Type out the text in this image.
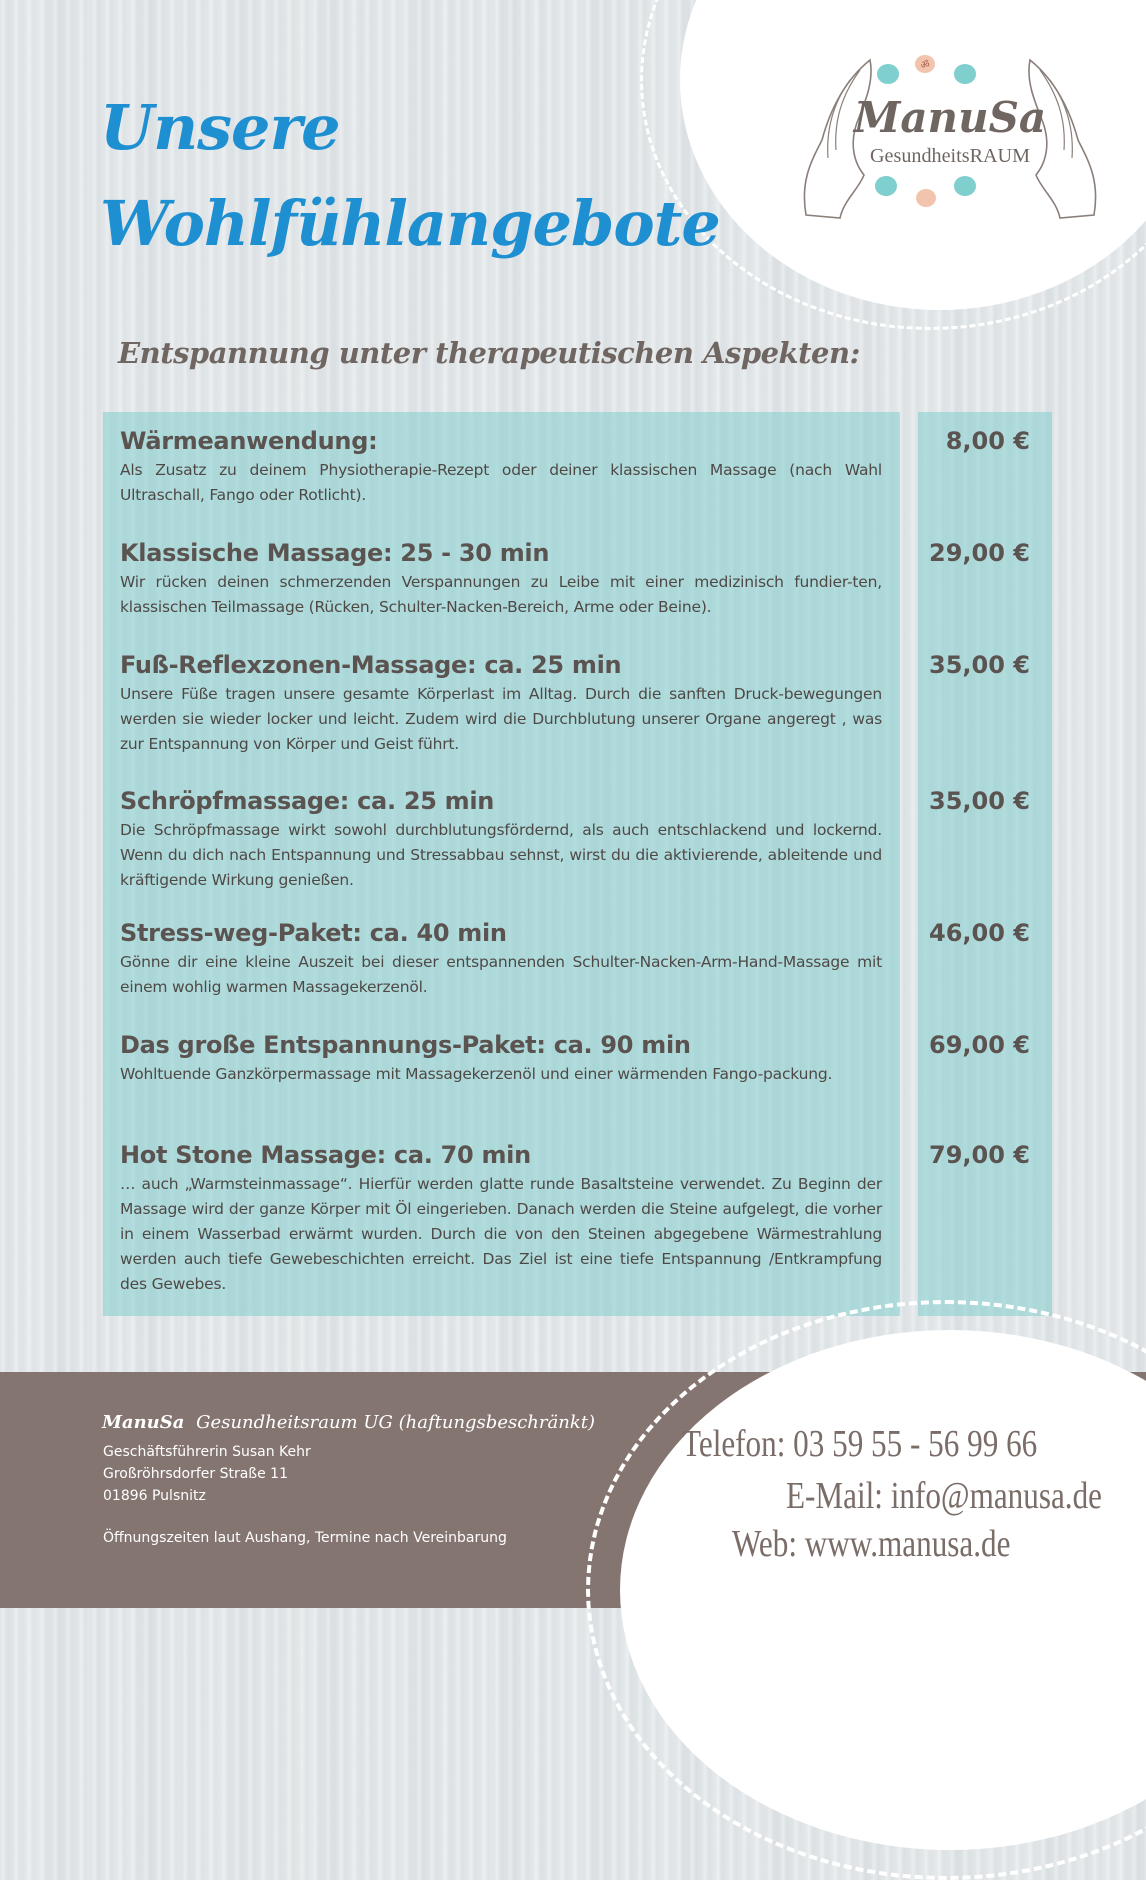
ॐ
ManuSa
GesundheitsRAUM
Unsere
Wohlfühlangebote
Entspannung unter therapeutischen Aspekten:
Wärmeanwendung:

Als Zusatz zu deinem Physiotherapie-Rezept oder deiner klassischen Massage (nach Wahl Ultraschall, Fango oder Rotlicht).

8,00 €
Klassische Massage: 25 - 30 min

Wir rücken deinen schmerzenden Verspannungen zu Leibe mit einer medizinisch fundier-ten, klassischen Teilmassage (Rücken, Schulter-Nacken-Bereich, Arme oder Beine).

29,00 €
Fuß-Reflexzonen-Massage: ca. 25 min

Unsere Füße tragen unsere gesamte Körperlast im Alltag. Durch die sanften Druck-bewegungen werden sie wieder locker und leicht. Zudem wird die Durchblutung unserer Organe angeregt , was zur Entspannung von Körper und Geist führt.

35,00 €
Schröpfmassage: ca. 25 min

Die Schröpfmassage wirkt sowohl durchblutungsfördernd, als auch entschlackend und lockernd. Wenn du dich nach Entspannung und Stressabbau sehnst, wirst du die aktivierende, ableitende und kräftigende Wirkung genießen.

35,00 €
Stress-weg-Paket: ca. 40 min

Gönne dir eine kleine Auszeit bei dieser entspannenden Schulter-Nacken-Arm-Hand-Massage mit einem wohlig warmen Massagekerzenöl.

46,00 €
Das große Entspannungs-Paket: ca. 90 min

Wohltuende Ganzkörpermassage mit Massagekerzenöl und einer wärmenden Fango-packung.

69,00 €
Hot Stone Massage: ca. 70 min

… auch „Warmsteinmassage“. Hierfür werden glatte runde Basaltsteine verwendet. Zu Beginn der Massage wird der ganze Körper mit Öl eingerieben. Danach werden die Steine aufgelegt, die vorher in einem Wasserbad erwärmt wurden. Durch die von den Steinen abgegebene Wärmestrahlung werden auch tiefe Gewebeschichten erreicht. Das Ziel ist eine tiefe Entspannung /Entkrampfung des Gewebes.

79,00 €

ManuSa Gesundheitsraum UG (haftungsbeschränkt)

Geschäftsführerin Susan Kehr
Großröhrsdorfer Straße 11
01896 Pulsnitz
Öffnungszeiten laut Aushang, Termine nach Vereinbarung
Telefon: 03 59 55 - 56 99 66
E-Mail: info@manusa.de
Web: www.manusa.de
